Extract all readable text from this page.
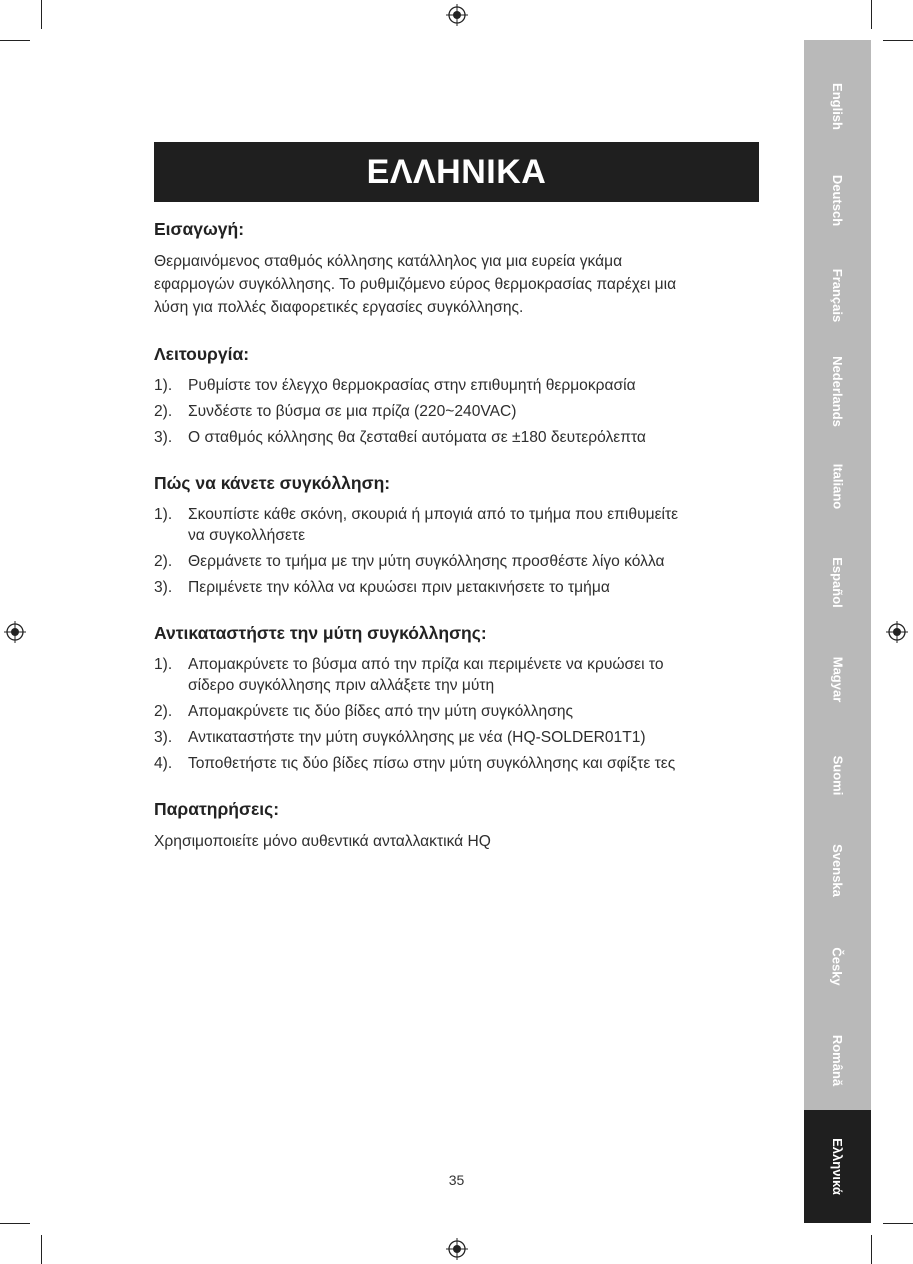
ΕΛΛΗΝΙΚΑ
Εισαγωγή:

Θερμαινόμενος σταθμός κόλλησης κατάλληλος για μια ευρεία γκάμα
εφαρμογών συγκόλλησης. Το ρυθμιζόμενο εύρος θερμοκρασίας παρέχει μια
λύση για πολλές διαφορετικές εργασίες συγκόλλησης.

Λειτουργία:
1).	Ρυθμίστε τον έλεγχο θερμοκρασίας στην επιθυμητή θερμοκρασία
2).	Συνδέστε το βύσμα σε μια πρίζα (220~240VAC)
3).	Ο σταθμός κόλλησης θα ζεσταθεί αυτόματα σε ±180 δευτερόλεπτα
Πώς να κάνετε συγκόλληση:
1).	Σκουπίστε κάθε σκόνη, σκουριά ή μπογιά από το τμήμα που επιθυμείτε
να συγκολλήσετε
2).	Θερμάνετε το τμήμα με την μύτη συγκόλλησης προσθέστε λίγο κόλλα
3).	Περιμένετε την κόλλα να κρυώσει πριν μετακινήσετε το τμήμα
Αντικαταστήστε την μύτη συγκόλλησης:
1).	Απομακρύνετε το βύσμα από την πρίζα και περιμένετε να κρυώσει το
σίδερο συγκόλλησης πριν αλλάξετε την μύτη
2).	Απομακρύνετε τις δύο βίδες από την μύτη συγκόλλησης
3).	Αντικαταστήστε την μύτη συγκόλλησης με νέα (HQ-SOLDER01T1)
4).	Τοποθετήστε τις δύο βίδες πίσω στην μύτη συγκόλλησης και σφίξτε τες
Παρατηρήσεις:

Χρησιμοποιείτε μόνο αυθεντικά ανταλλακτικά HQ

35
English
Deutsch
Français
Nederlands
Italiano
Español
Magyar
Suomi
Svenska
Česky
Română
Ελληνικά
